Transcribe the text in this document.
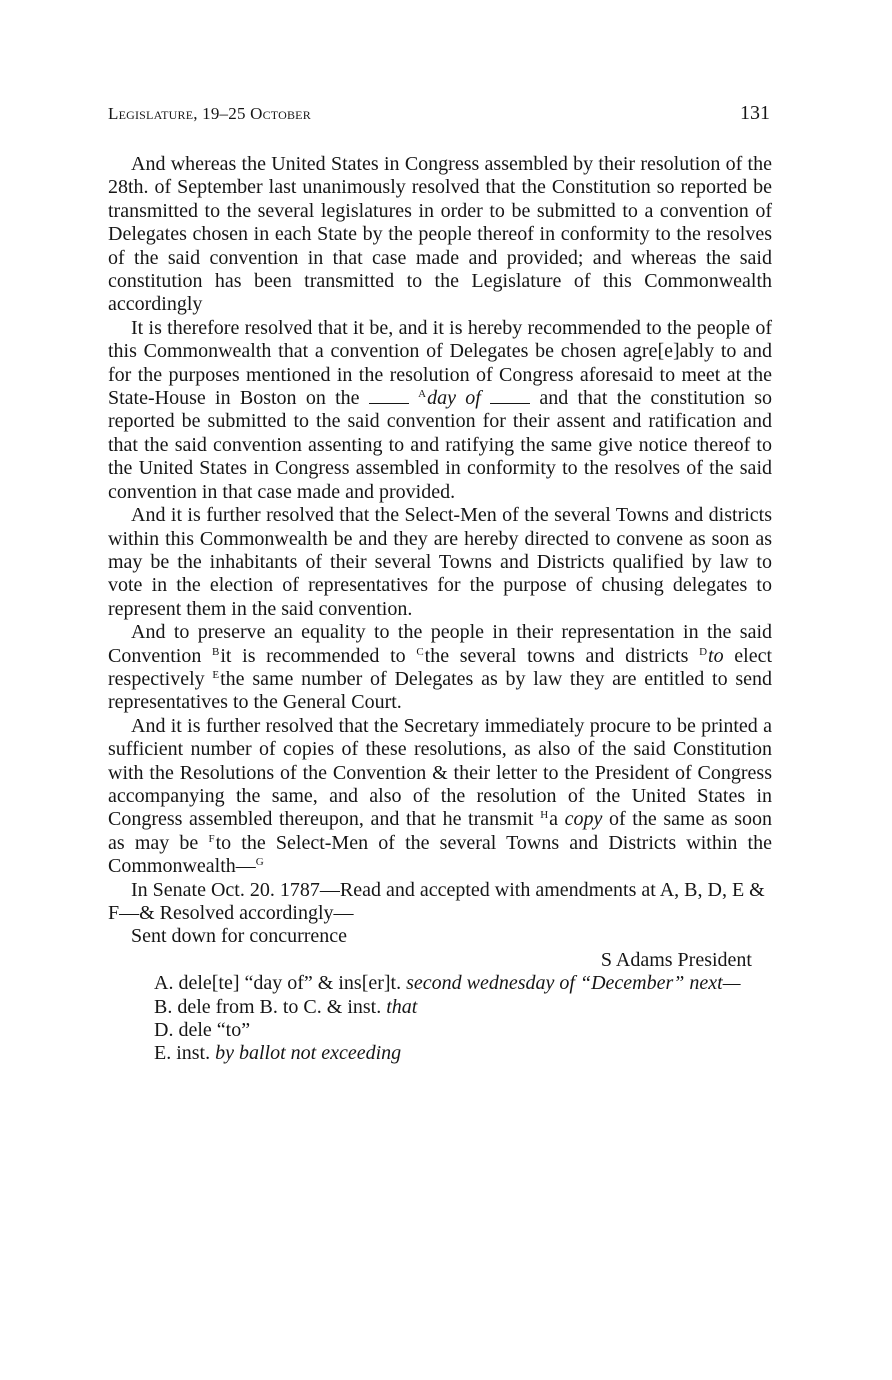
Legislature, 19–25 October	131

And whereas the United States in Congress assembled by their resolution of the 28th. of September last unanimously resolved that the Constitution so reported be transmitted to the several legislatures in order to be submitted to a convention of Delegates chosen in each State by the people thereof in conformity to the resolves of the said convention in that case made and provided; and whereas the said constitution has been transmitted to the Legislature of this Commonwealth accordingly

It is therefore resolved that it be, and it is hereby recommended to the people of this Commonwealth that a convention of Delegates be chosen agre[e]ably to and for the purposes mentioned in the resolution of Congress aforesaid to meet at the State-House in Boston on the	$^A$day of	and that the constitution so reported be submitted to the said convention for their assent and ratification and that the said convention assenting to and ratifying the same give notice thereof to the United States in Congress assembled in conformity to the resolves of the said convention in that case made and provided.

And it is further resolved that the Select-Men of the several Towns and districts within this Commonwealth be and they are hereby directed to convene as soon as may be the inhabitants of their several Towns and Districts qualified by law to vote in the election of representatives for the purpose of chusing delegates to represent them in the said convention.

And to preserve an equality to the people in their representation in the said Convention $^B$it is recommended to $^C$the several towns and districts $^D$to elect respectively $^E$the same number of Delegates as by law they are entitled to send representatives to the General Court.

And it is further resolved that the Secretary immediately procure to be printed a sufficient number of copies of these resolutions, as also of the said Constitution with the Resolutions of the Convention & their letter to the President of Congress accompanying the same, and also of the resolution of the United States in Congress assembled thereupon, and that he transmit $^H$a copy of the same as soon as may be $^F$to the Select-Men of the several Towns and Districts within the Commonwealth—$^G$

In Senate Oct. 20. 1787—Read and accepted with amendments at A, B, D, E & F—& Resolved accordingly—

Sent down for concurrence

S Adams President

A. dele[te] “day of” & ins[er]t. second wednesday of “December” next—

B. dele from B. to C. & inst. that

D. dele “to”

E. inst. by ballot not exceeding
